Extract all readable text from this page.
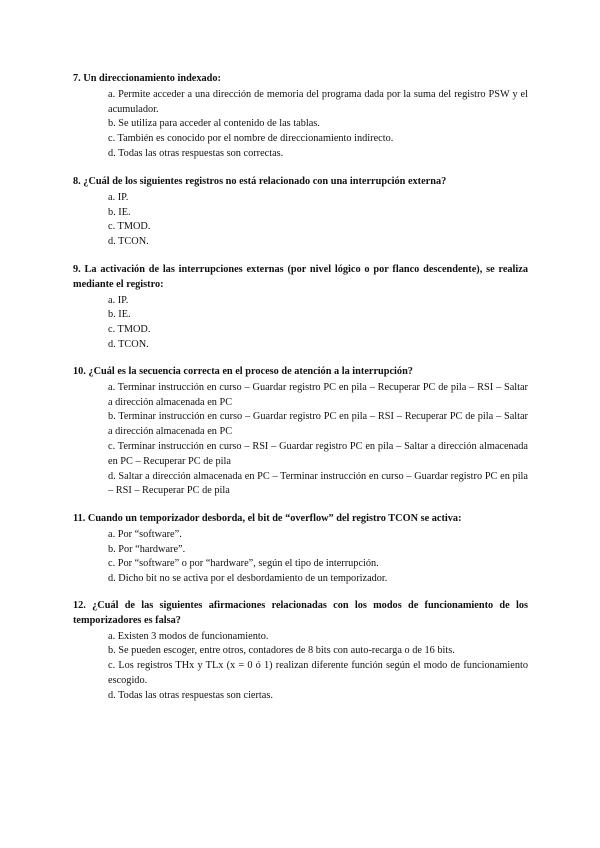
7. Un direccionamiento indexado:

a. Permite acceder a una dirección de memoria del programa dada por la suma del registro PSW y el acumulador.
b. Se utiliza para acceder al contenido de las tablas.
c. También es conocido por el nombre de direccionamiento indirecto.
d. Todas las otras respuestas son correctas.

8. ¿Cuál de los siguientes registros no está relacionado con una interrupción externa?

a. IP.
b. IE.
c. TMOD.
d. TCON.

9. La activación de las interrupciones externas (por nivel lógico o por flanco descendente), se realiza mediante el registro:

a. IP.
b. IE.
c. TMOD.
d. TCON.

10. ¿Cuál es la secuencia correcta en el proceso de atención a la interrupción?

a. Terminar instrucción en curso – Guardar registro PC en pila – Recuperar PC de pila – RSI – Saltar a dirección almacenada en PC
b. Terminar instrucción en curso – Guardar registro PC en pila – RSI – Recuperar PC de pila – Saltar a dirección almacenada en PC
c. Terminar instrucción en curso – RSI – Guardar registro PC en pila – Saltar a dirección almacenada en PC – Recuperar PC de pila
d. Saltar a dirección almacenada en PC – Terminar instrucción en curso – Guardar registro PC en pila – RSI – Recuperar PC de pila

11. Cuando un temporizador desborda, el bit de “overflow” del registro TCON se activa:

a. Por “software”.
b. Por “hardware”.
c. Por “software” o por “hardware”, según el tipo de interrupción.
d. Dicho bit no se activa por el desbordamiento de un temporizador.

12. ¿Cuál de las siguientes afirmaciones relacionadas con los modos de funcionamiento de los temporizadores es falsa?

a. Existen 3 modos de funcionamiento.
b. Se pueden escoger, entre otros, contadores de 8 bits con auto-recarga o de 16 bits.
c. Los registros THx y TLx (x = 0 ó 1) realizan diferente función según el modo de funcionamiento escogido.
d. Todas las otras respuestas son ciertas.
